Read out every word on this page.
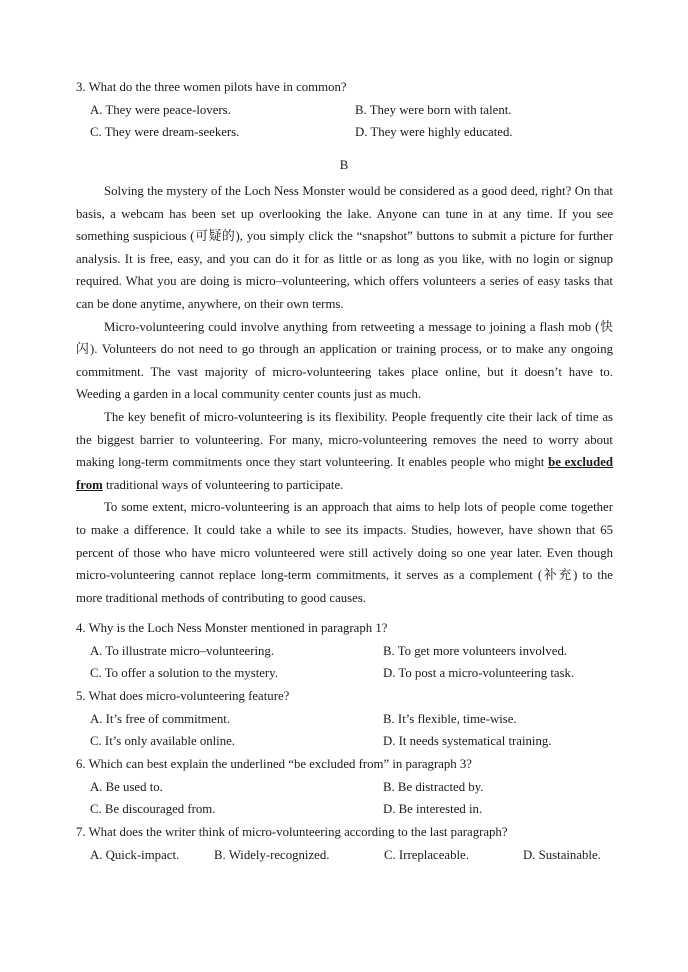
3. What do the three women pilots have in common?
A. They were peace-lovers.	B. They were born with talent.
C. They were dream-seekers.	D. They were highly educated.
B

Solving the mystery of the Loch Ness Monster would be considered as a good deed, right? On that basis, a webcam has been set up overlooking the lake. Anyone can tune in at any time. If you see something suspicious (可疑的), you simply click the “snapshot” buttons to submit a picture for further analysis. It is free, easy, and you can do it for as little or as long as you like, with no login or signup required. What you are doing is micro–volunteering, which offers volunteers a series of easy tasks that can be done anytime, anywhere, on their own terms.

Micro-volunteering could involve anything from retweeting a message to joining a flash mob (快闪). Volunteers do not need to go through an application or training process, or to make any ongoing commitment. The vast majority of micro-volunteering takes place online, but it doesn’t have to. Weeding a garden in a local community center counts just as much.

The key benefit of micro-volunteering is its flexibility. People frequently cite their lack of time as the biggest barrier to volunteering. For many, micro-volunteering removes the need to worry about making long-term commitments once they start volunteering. It enables people who might be excluded from traditional ways of volunteering to participate.

To some extent, micro-volunteering is an approach that aims to help lots of people come together to make a difference. It could take a while to see its impacts. Studies, however, have shown that 65 percent of those who have micro volunteered were still actively doing so one year later. Even though micro-volunteering cannot replace long-term commitments, it serves as a complement (补充) to the more traditional methods of contributing to good causes.

4. Why is the Loch Ness Monster mentioned in paragraph 1?
A. To illustrate micro–volunteering.	B. To get more volunteers involved.
C. To offer a solution to the mystery.	D. To post a micro-volunteering task.
5. What does micro-volunteering feature?
A. It’s free of commitment.	B. It’s flexible, time-wise.
C. It’s only available online.	D. It needs systematical training.
6. Which can best explain the underlined “be excluded from” in paragraph 3?
A. Be used to.	B. Be distracted by.
C. Be discouraged from.	D. Be interested in.
7. What does the writer think of micro-volunteering according to the last paragraph?
A. Quick-impact.	B. Widely-recognized.	C. Irreplaceable.	D. Sustainable.
